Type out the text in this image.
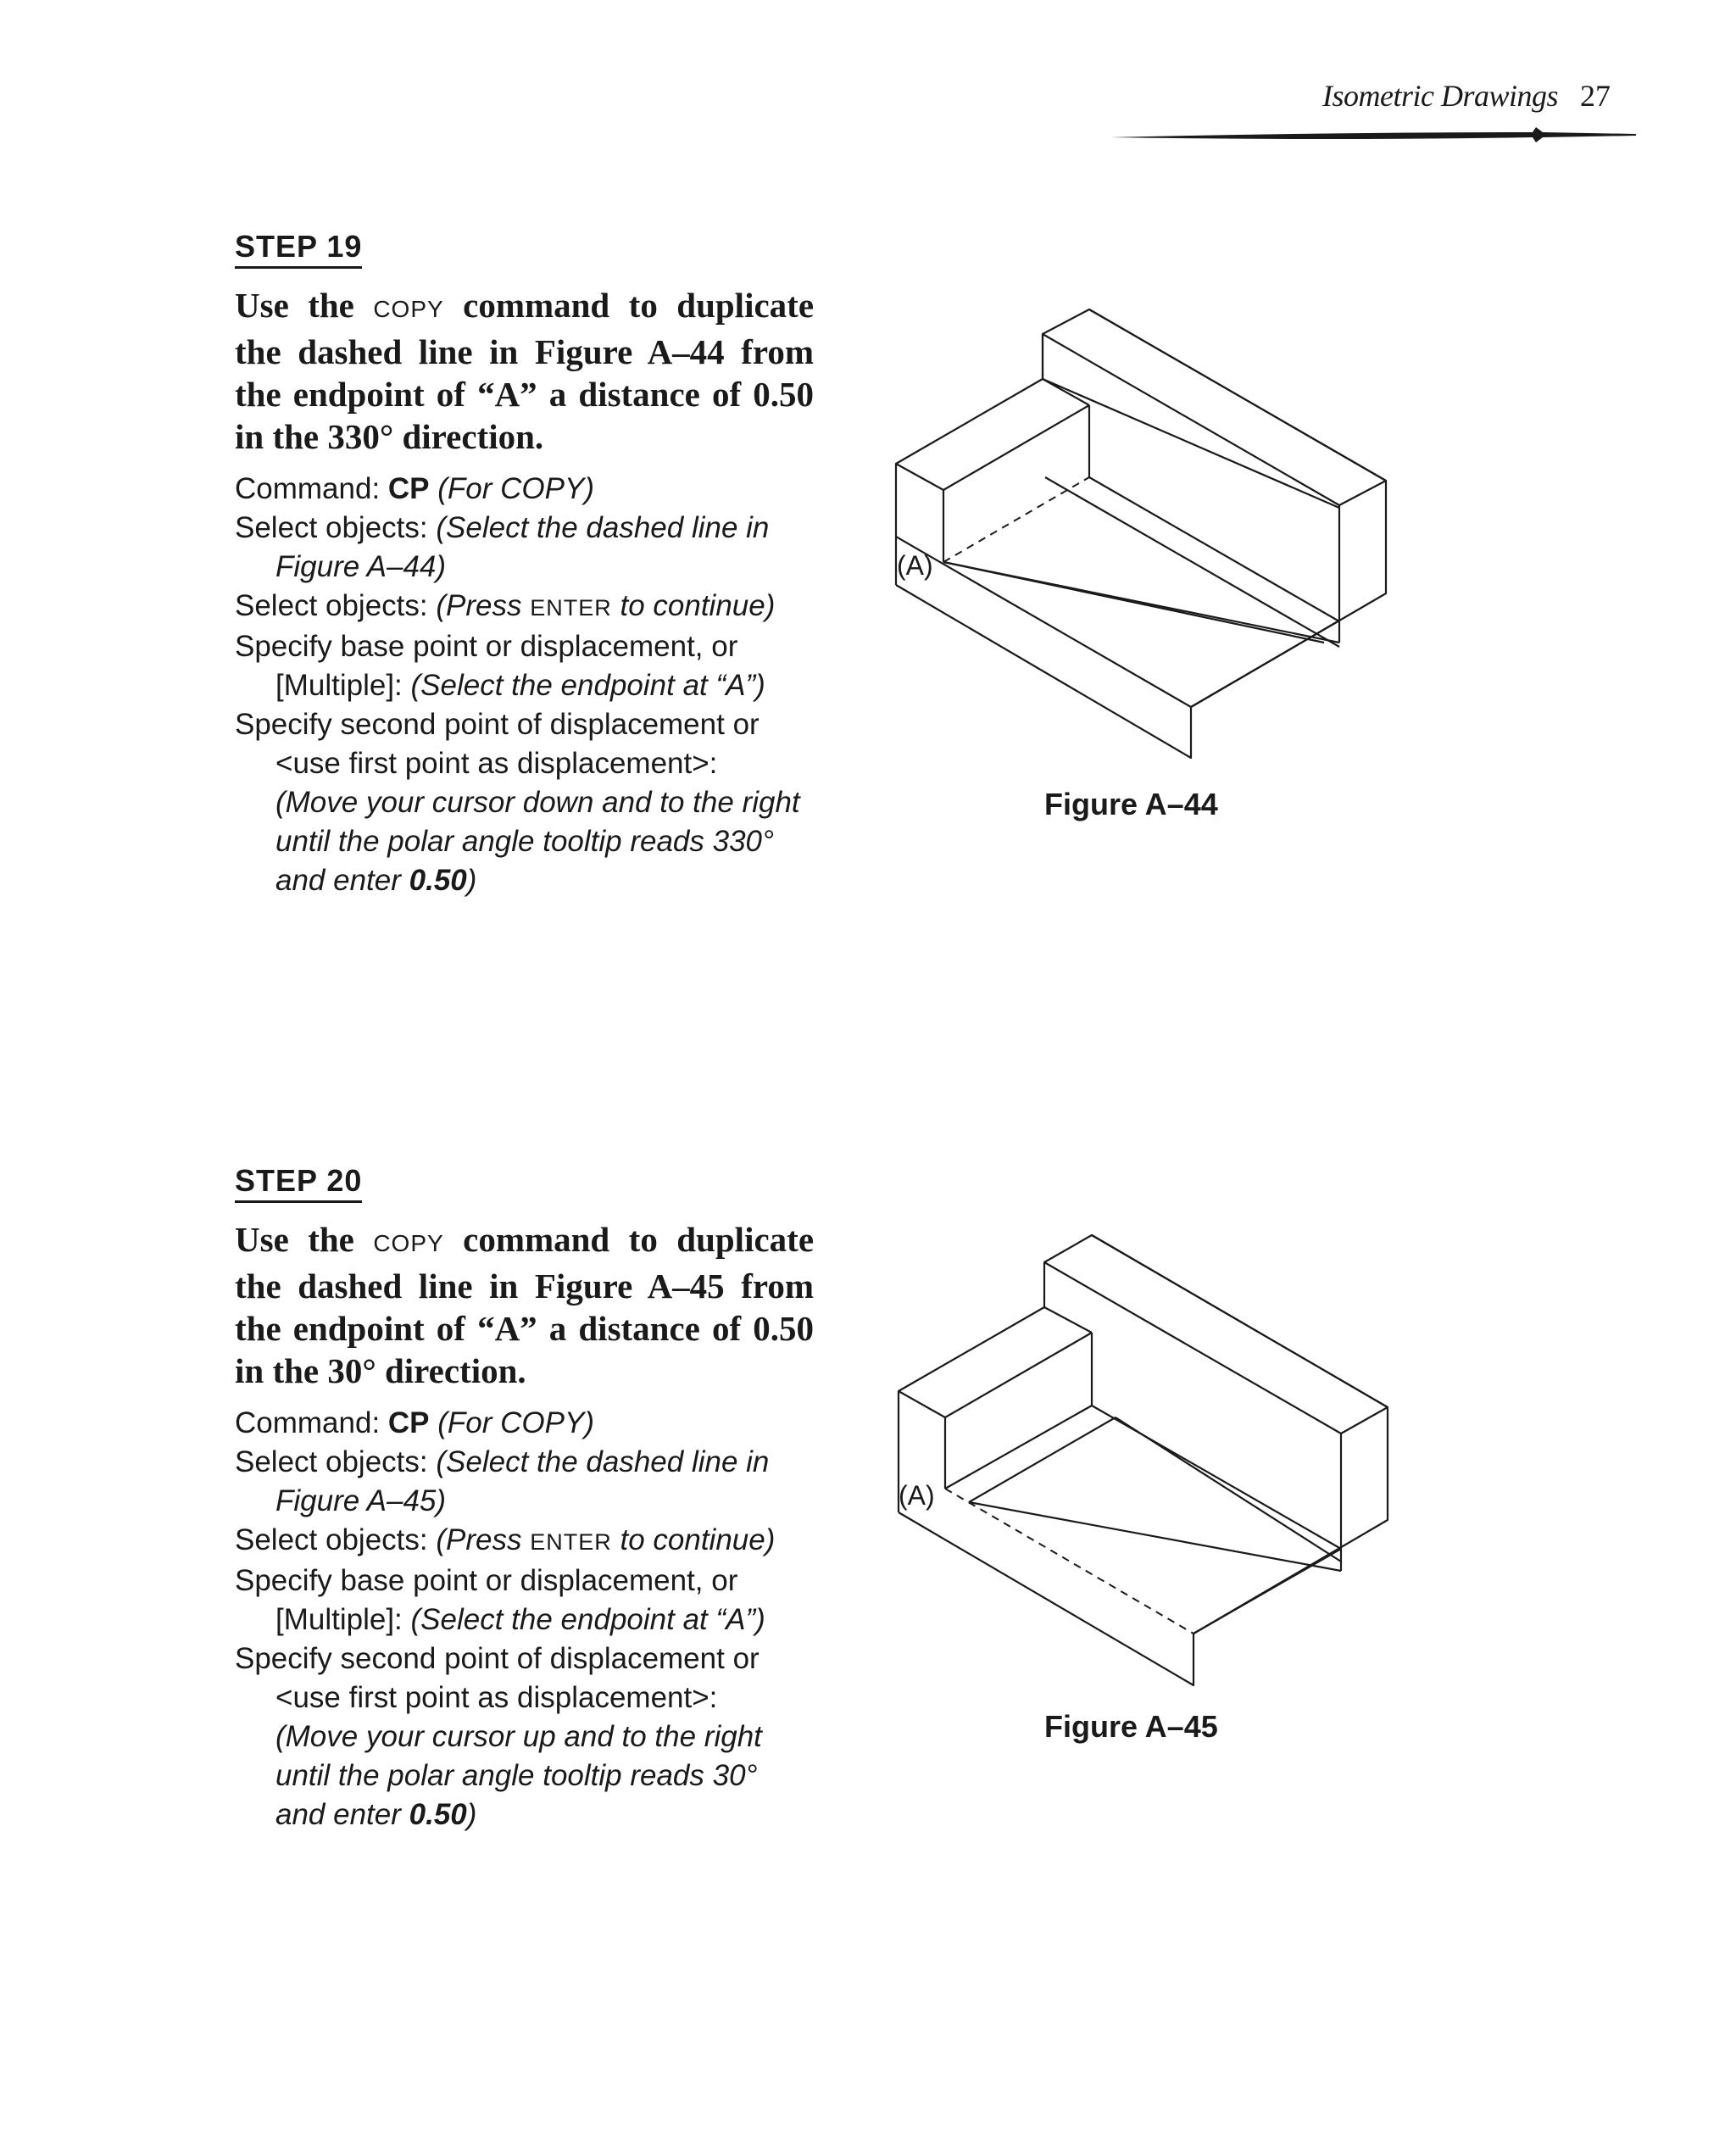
Isometric Drawings 27
STEP 19

Use the COPY command to duplicate the dashed line in Figure A–44 from the endpoint of “A” a distance of 0.50 in the 330° direction.

Command: CP (For COPY)
Select objects: (Select the dashed line in
Figure A–44)
Select objects: (Press ENTER to continue)
Specify base point or displacement, or
[Multiple]: (Select the endpoint at “A”)
Specify second point of displacement or
<use first point as displacement>:
(Move your cursor down and to the right
until the polar angle tooltip reads 330°
and enter 0.50)
(A)
Figure A–44
STEP 20

Use the COPY command to duplicate the dashed line in Figure A–45 from the endpoint of “A” a distance of 0.50 in the 30° direction.

Command: CP (For COPY)
Select objects: (Select the dashed line in
Figure A–45)
Select objects: (Press ENTER to continue)
Specify base point or displacement, or
[Multiple]: (Select the endpoint at “A”)
Specify second point of displacement or
<use first point as displacement>:
(Move your cursor up and to the right
until the polar angle tooltip reads 30°
and enter 0.50)
(A)
Figure A–45
